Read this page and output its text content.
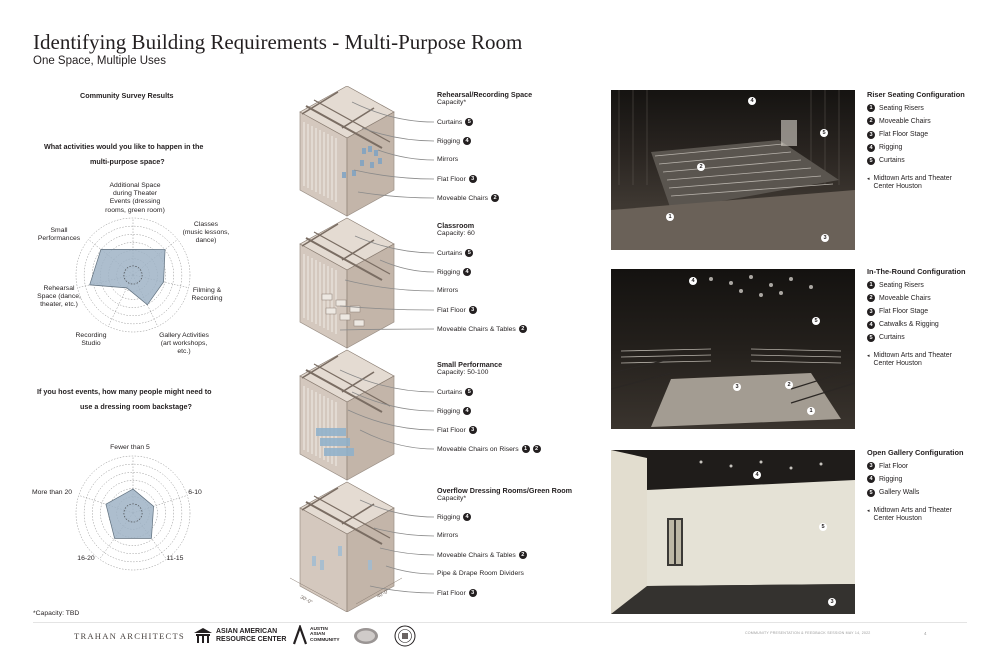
Identifying Building Requirements - Multi-Purpose Room
One Space, Multiple Uses
Community Survey Results
What activities would you like to happen in the
multi-purpose space?
Additional Space
during Theater
Events (dressing
rooms, green room)
Classes
(music lessons,
dance)
Filming &
Recording
Gallery Activities
(art workshops,
etc.)
Recording
Studio
Rehearsal
Space (dance,
theater, etc.)
Small
Performances
If you host events, how many people might need to
use a dressing room backstage?
Fewer than 5
6-10
11-15
16-20
More than 20
*Capacity: TBD
30'-0"
40'-0"
Rehearsal/Recording Space
Capacity*
Classroom
Capacity: 60
Small Performance
Capacity: 50-100
Overflow Dressing Rooms/Green Room
Capacity*
Curtains 5
Rigging 4
Mirrors
Flat Floor 3
Moveable Chairs 2
Curtains 5
Rigging 4
Mirrors
Flat Floor 3
Moveable Chairs & Tables 2
Curtains 5
Rigging 4
Flat Floor 3
Moveable Chairs on Risers 1	2
Rigging 4
Mirrors
Moveable Chairs & Tables 2
Pipe & Drape Room Dividers
Flat Floor 3
4
5
2
1
3
4
5
3	2
1
4
5
3
Riser Seating Configuration
1 Seating Risers
2 Moveable Chairs
3 Flat Floor Stage
4 Rigging
5 Curtains
◂ Midtown Arts and Theater
Center Houston
In-The-Round Configuration
1 Seating Risers
2 Moveable Chairs
3 Flat Floor Stage
4 Catwalks & Rigging
5 Curtains
◂ Midtown Arts and Theater
Center Houston
Open Gallery Configuration
3 Flat Floor
4 Rigging
5 Gallery Walls
◂ Midtown Arts and Theater
Center Houston
TRAHAN ARCHITECTS	ASIAN AMERICAN
RESOURCE CENTER
AUSTIN
ASIAN
COMMUNITY
COMMUNITY PRESENTATION & FEEDBACK SESSION MAY 14, 2022	4
